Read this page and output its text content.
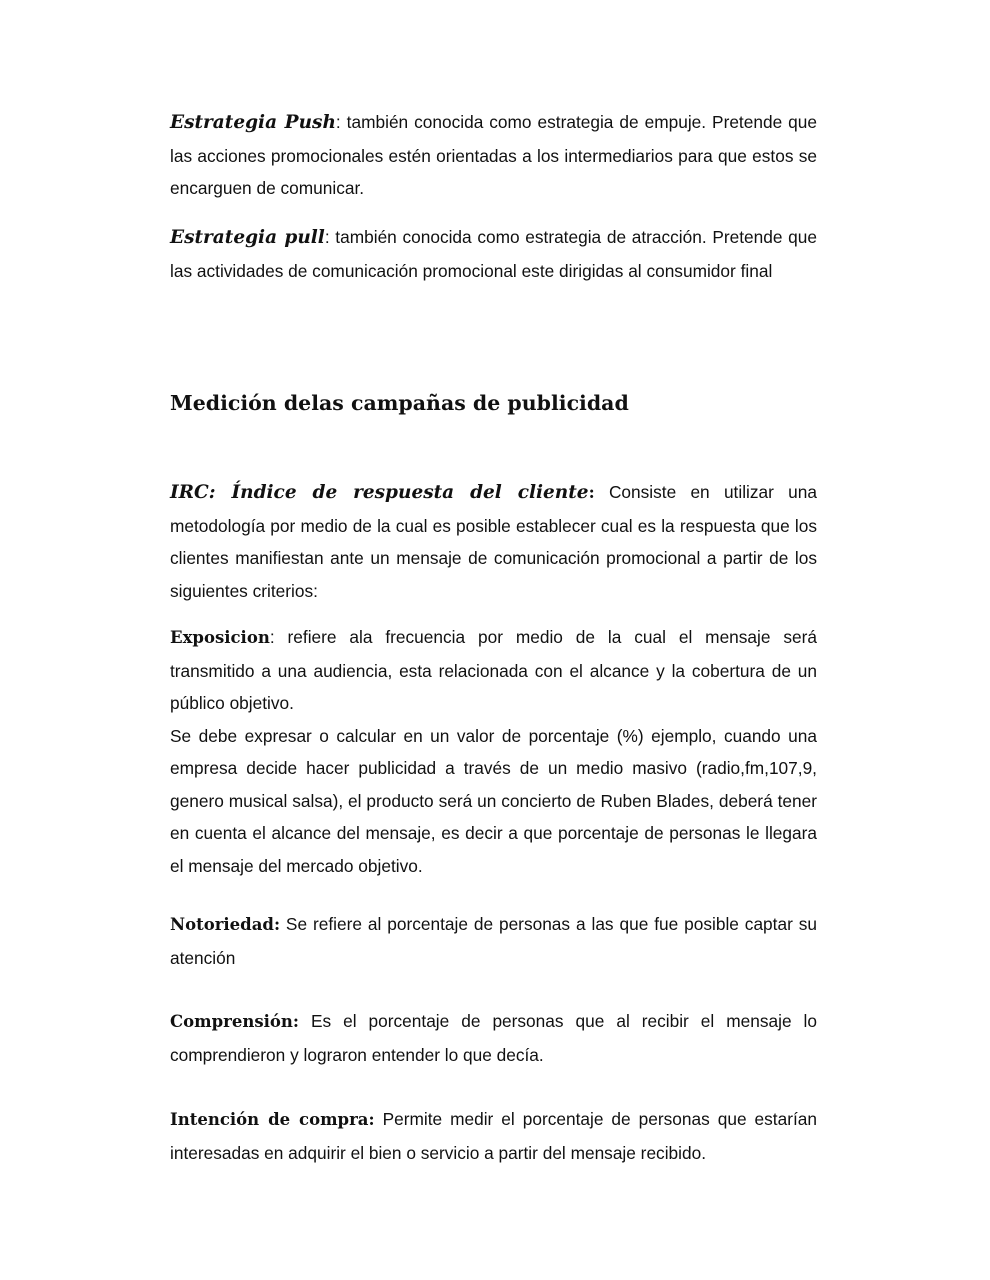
Estrategia Push: también conocida como estrategia de empuje. Pretende que las acciones promocionales estén orientadas a los intermediarios para que estos se encarguen de comunicar.

Estrategia pull: también conocida como estrategia de atracción. Pretende que las actividades de comunicación promocional este dirigidas al consumidor final

Medición delas campañas de publicidad

IRC: Índice de respuesta del cliente: Consiste en utilizar una metodología por medio de la cual es posible establecer cual es la respuesta que los clientes manifiestan ante un mensaje de comunicación promocional a partir de los siguientes criterios:

Exposicion: refiere ala frecuencia por medio de la cual el mensaje será transmitido a una audiencia, esta relacionada con el alcance y la cobertura de un público objetivo.
Se debe expresar o calcular en un valor de porcentaje (%) ejemplo, cuando una empresa decide hacer publicidad a través de un medio masivo (radio,fm,107,9, genero musical salsa), el producto será un concierto de Ruben Blades, deberá tener en cuenta el alcance del mensaje, es decir a que porcentaje de personas le llegara el mensaje del mercado objetivo.

Notoriedad: Se refiere al porcentaje de personas a las que fue posible captar su atención

Comprensión: Es el porcentaje de personas que al recibir el mensaje lo comprendieron y lograron entender lo que decía.

Intención de compra: Permite medir el porcentaje de personas que estarían interesadas en adquirir el bien o servicio a partir del mensaje recibido.
